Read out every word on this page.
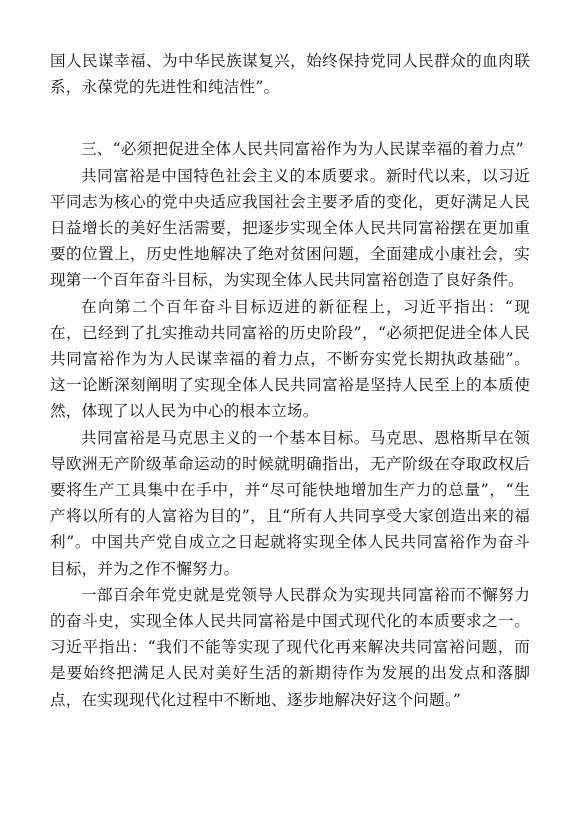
国人民谋幸福、为中华民族谋复兴，始终保持党同人民群众的血肉联系，永葆党的先进性和纯洁性”。

三、“必须把促进全体人民共同富裕作为为人民谋幸福的着力点”

共同富裕是中国特色社会主义的本质要求。新时代以来，以习近平同志为核心的党中央适应我国社会主要矛盾的变化，更好满足人民日益增长的美好生活需要，把逐步实现全体人民共同富裕摆在更加重要的位置上，历史性地解决了绝对贫困问题，全面建成小康社会，实现第一个百年奋斗目标，为实现全体人民共同富裕创造了良好条件。

在向第二个百年奋斗目标迈进的新征程上，习近平指出：“现在，已经到了扎实推动共同富裕的历史阶段”，“必须把促进全体人民共同富裕作为为人民谋幸福的着力点，不断夯实党长期执政基础”。这一论断深刻阐明了实现全体人民共同富裕是坚持人民至上的本质使然，体现了以人民为中心的根本立场。

共同富裕是马克思主义的一个基本目标。马克思、恩格斯早在领导欧洲无产阶级革命运动的时候就明确指出，无产阶级在夺取政权后要将生产工具集中在手中，并“尽可能快地增加生产力的总量”，“生产将以所有的人富裕为目的”，且“所有人共同享受大家创造出来的福利”。中国共产党自成立之日起就将实现全体人民共同富裕作为奋斗目标，并为之作不懈努力。

一部百余年党史就是党领导人民群众为实现共同富裕而不懈努力的奋斗史，实现全体人民共同富裕是中国式现代化的本质要求之一。习近平指出：“我们不能等实现了现代化再来解决共同富裕问题，而是要始终把满足人民对美好生活的新期待作为发展的出发点和落脚点，在实现现代化过程中不断地、逐步地解决好这个问题。”
